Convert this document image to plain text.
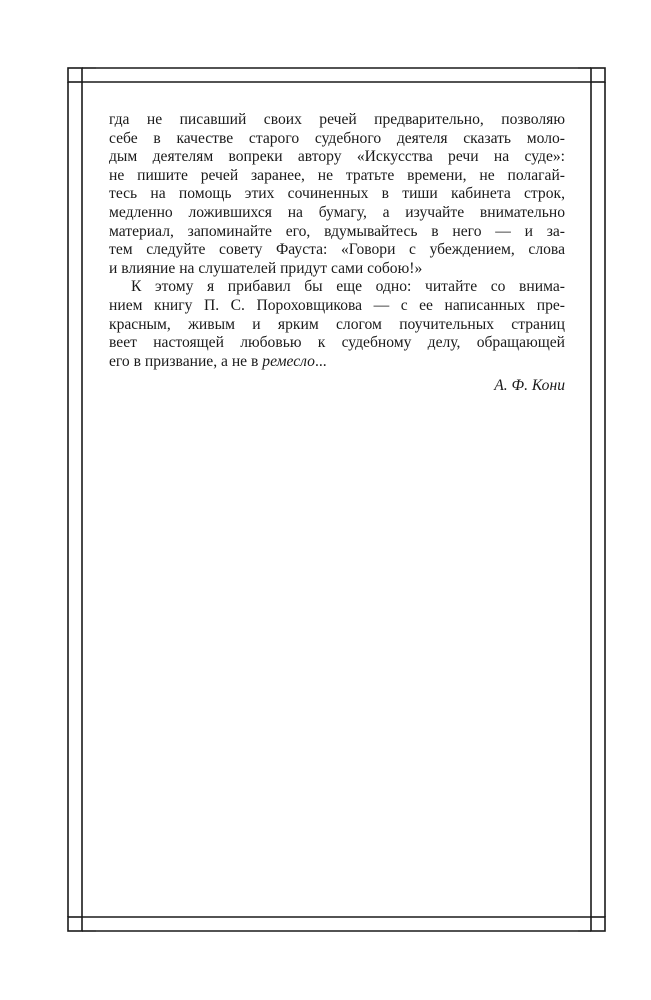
гда не писавший своих речей предварительно, позволяю
себе в качестве старого судебного деятеля сказать моло-
дым деятелям вопреки автору «Искусства речи на суде»:
не пишите речей заранее, не тратьте времени, не полагай-
тесь на помощь этих сочиненных в тиши кабинета строк,
медленно ложившихся на бумагу, а изучайте внимательно
материал, запоминайте его, вдумывайтесь в него — и за-
тем следуйте совету Фауста: «Говори с убеждением, слова
и влияние на слушателей придут сами собою!»

К этому я прибавил бы еще одно: читайте со внима-
нием книгу П. С. Пороховщикова — с ее написанных пре-
красным, живым и ярким слогом поучительных страниц
веет настоящей любовью к судебному делу, обращающей
его в призвание, а не в ремесло...

А. Ф. Кони
